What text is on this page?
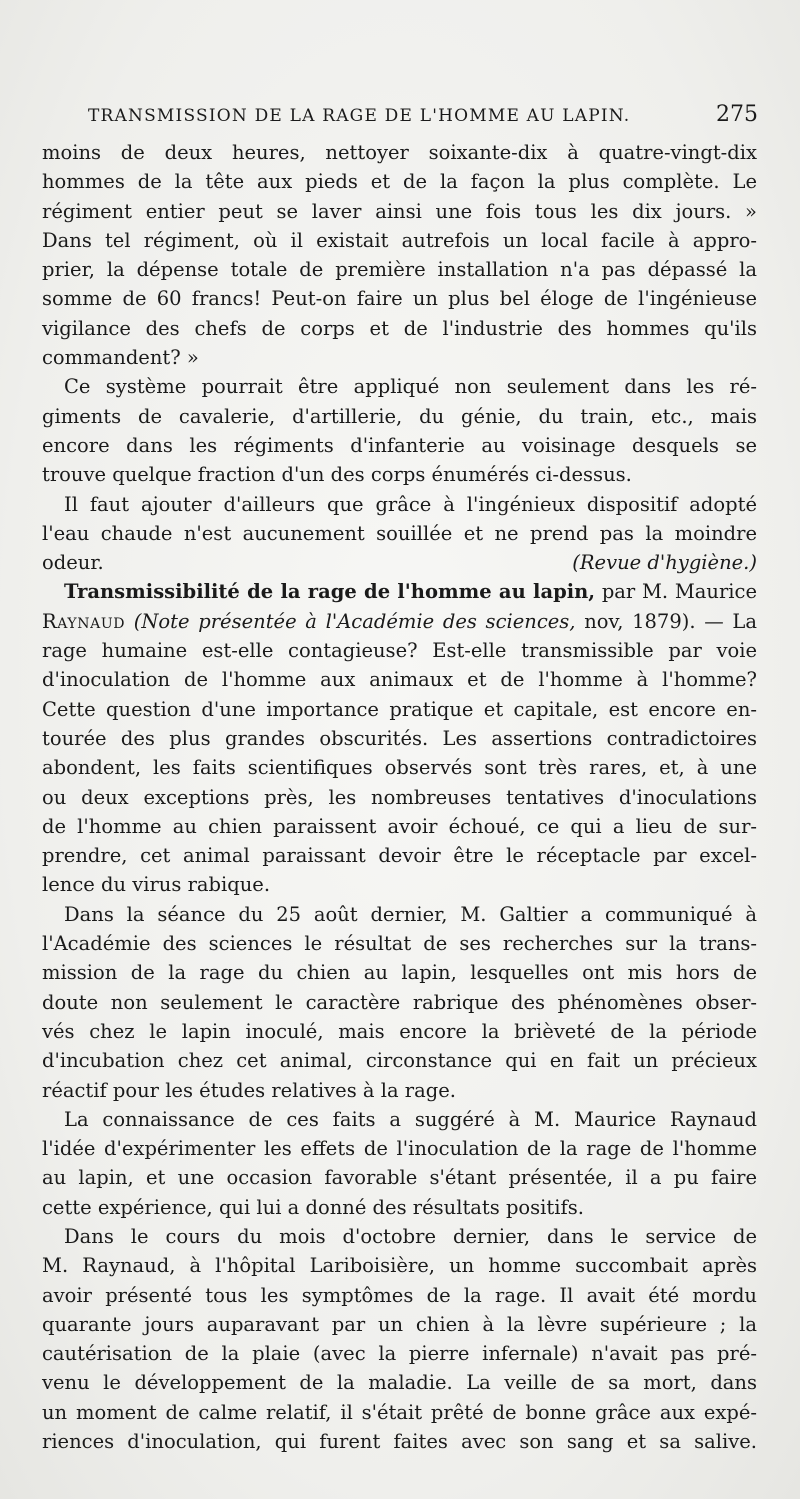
TRANSMISSION DE LA RAGE DE L'HOMME AU LAPIN.	275

moins de deux heures, nettoyer soixante-dix à quatre-vingt-dix
hommes de la tête aux pieds et de la façon la plus complète. Le
régiment entier peut se laver ainsi une fois tous les dix jours. »
Dans tel régiment, où il existait autrefois un local facile à appro-
prier, la dépense totale de première installation n'a pas dépassé la
somme de 60 francs! Peut-on faire un plus bel éloge de l'ingénieuse
vigilance des chefs de corps et de l'industrie des hommes qu'ils
commandent? »

Ce système pourrait être appliqué non seulement dans les ré-
giments de cavalerie, d'artillerie, du génie, du train, etc., mais
encore dans les régiments d'infanterie au voisinage desquels se
trouve quelque fraction d'un des corps énumérés ci-dessus.

Il faut ajouter d'ailleurs que grâce à l'ingénieux dispositif adopté
l'eau chaude n'est aucunement souillée et ne prend pas la moindre
odeur.	(Revue d'hygiène.)

Transmissibilité de la rage de l'homme au lapin, par M. Maurice
Raynaud (Note présentée à l'Académie des sciences, nov, 1879). — La
rage humaine est-elle contagieuse? Est-elle transmissible par voie
d'inoculation de l'homme aux animaux et de l'homme à l'homme?
Cette question d'une importance pratique et capitale, est encore en-
tourée des plus grandes obscurités. Les assertions contradictoires
abondent, les faits scientifiques observés sont très rares, et, à une
ou deux exceptions près, les nombreuses tentatives d'inoculations
de l'homme au chien paraissent avoir échoué, ce qui a lieu de sur-
prendre, cet animal paraissant devoir être le réceptacle par excel-
lence du virus rabique.

Dans la séance du 25 août dernier, M. Galtier a communiqué à
l'Académie des sciences le résultat de ses recherches sur la trans-
mission de la rage du chien au lapin, lesquelles ont mis hors de
doute non seulement le caractère rabrique des phénomènes obser-
vés chez le lapin inoculé, mais encore la brièveté de la période
d'incubation chez cet animal, circonstance qui en fait un précieux
réactif pour les études relatives à la rage.

La connaissance de ces faits a suggéré à M. Maurice Raynaud
l'idée d'expérimenter les effets de l'inoculation de la rage de l'homme
au lapin, et une occasion favorable s'étant présentée, il a pu faire
cette expérience, qui lui a donné des résultats positifs.

Dans le cours du mois d'octobre dernier, dans le service de
M. Raynaud, à l'hôpital Lariboisière, un homme succombait après
avoir présenté tous les symptômes de la rage. Il avait été mordu
quarante jours auparavant par un chien à la lèvre supérieure ; la
cautérisation de la plaie (avec la pierre infernale) n'avait pas pré-
venu le développement de la maladie. La veille de sa mort, dans
un moment de calme relatif, il s'était prêté de bonne grâce aux expé-
riences d'inoculation, qui furent faites avec son sang et sa salive.
